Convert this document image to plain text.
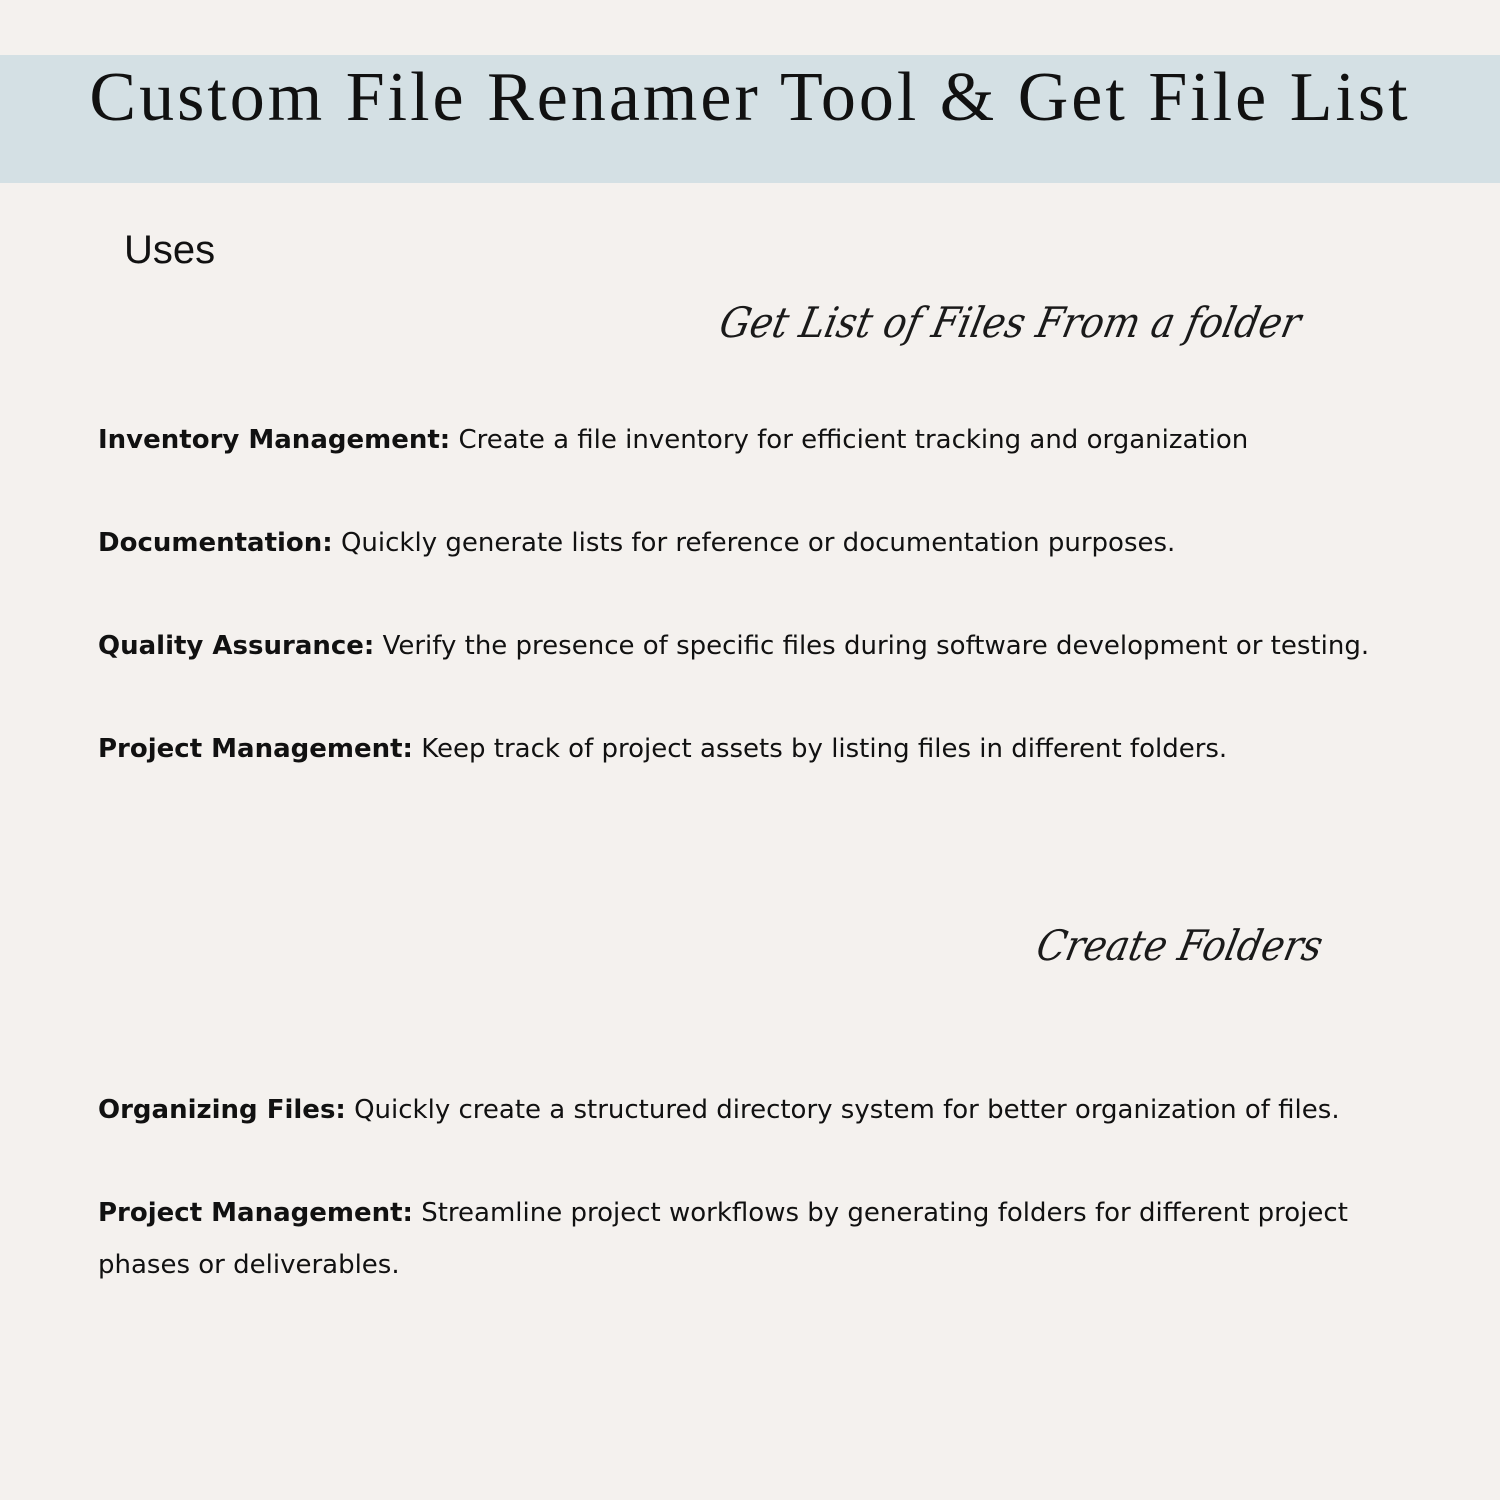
Custom File Renamer Tool & Get File List
Uses
Get List of Files From a folder

Inventory Management: Create a file inventory for efficient tracking and organization

Documentation: Quickly generate lists for reference or documentation purposes.

Quality Assurance: Verify the presence of specific files during software development or testing.

Project Management: Keep track of project assets by listing files in different folders.

Create Folders

Organizing Files: Quickly create a structured directory system for better organization of files.

Project Management: Streamline project workflows by generating folders for different project phases or deliverables.
